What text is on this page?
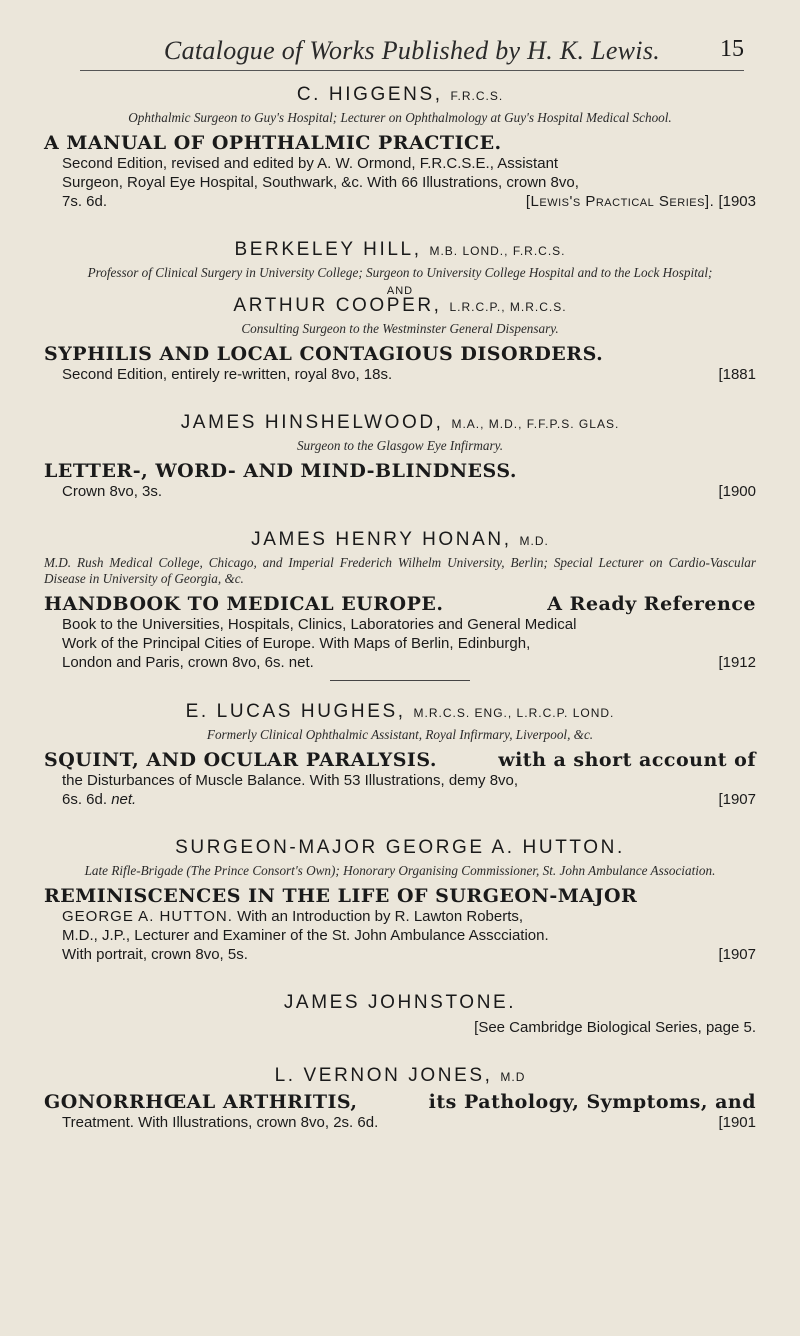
Catalogue of Works Published by H. K. Lewis.	15
C. HIGGENS, F.R.C.S.
Ophthalmic Surgeon to Guy's Hospital; Lecturer on Ophthalmology at Guy's Hospital Medical School.
A MANUAL OF OPHTHALMIC PRACTICE.
Second Edition, revised and edited by A. W. Ormond, F.R.C.S.E., Assistant
Surgeon, Royal Eye Hospital, Southwark, &c. With 66 Illustrations, crown 8vo,
7s. 6d.	[Lewis's Practical Series]. [1903
BERKELEY HILL, M.B. LOND., F.R.C.S.
Professor of Clinical Surgery in University College; Surgeon to University College Hospital and to the Lock Hospital;
AND
ARTHUR COOPER, L.R.C.P., M.R.C.S.
Consulting Surgeon to the Westminster General Dispensary.
SYPHILIS AND LOCAL CONTAGIOUS DISORDERS.
Second Edition, entirely re-written, royal 8vo, 18s.	[1881
JAMES HINSHELWOOD, M.A., M.D., F.F.P.S. GLAS.
Surgeon to the Glasgow Eye Infirmary.
LETTER-, WORD- AND MIND-BLINDNESS.
Crown 8vo, 3s.	[1900
JAMES HENRY HONAN, M.D.
M.D. Rush Medical College, Chicago, and Imperial Frederich Wilhelm University, Berlin; Special Lecturer on Cardio-Vascular Disease in University of Georgia, &c.
HANDBOOK TO MEDICAL EUROPE.	A Ready Reference
Book to the Universities, Hospitals, Clinics, Laboratories and General Medical
Work of the Principal Cities of Europe. With Maps of Berlin, Edinburgh,
London and Paris, crown 8vo, 6s. net.	[1912
E. LUCAS HUGHES, M.R.C.S. ENG., L.R.C.P. LOND.
Formerly Clinical Ophthalmic Assistant, Royal Infirmary, Liverpool, &c.
SQUINT, AND OCULAR PARALYSIS.	with a short account of
the Disturbances of Muscle Balance. With 53 Illustrations, demy 8vo,
6s. 6d. net.	[1907
SURGEON-MAJOR GEORGE A. HUTTON.
Late Rifle-Brigade (The Prince Consort's Own); Honorary Organising Commissioner, St. John Ambulance Association.
REMINISCENCES IN THE LIFE OF SURGEON-MAJOR
GEORGE A. HUTTON. With an Introduction by R. Lawton Roberts,
M.D., J.P., Lecturer and Examiner of the St. John Ambulance Asscciation.
With portrait, crown 8vo, 5s.	[1907
JAMES JOHNSTONE.
[See Cambridge Biological Series, page 5.
L. VERNON JONES, M.D
GONORRHŒAL ARTHRITIS,	its Pathology, Symptoms, and
Treatment. With Illustrations, crown 8vo, 2s. 6d.	[1901
